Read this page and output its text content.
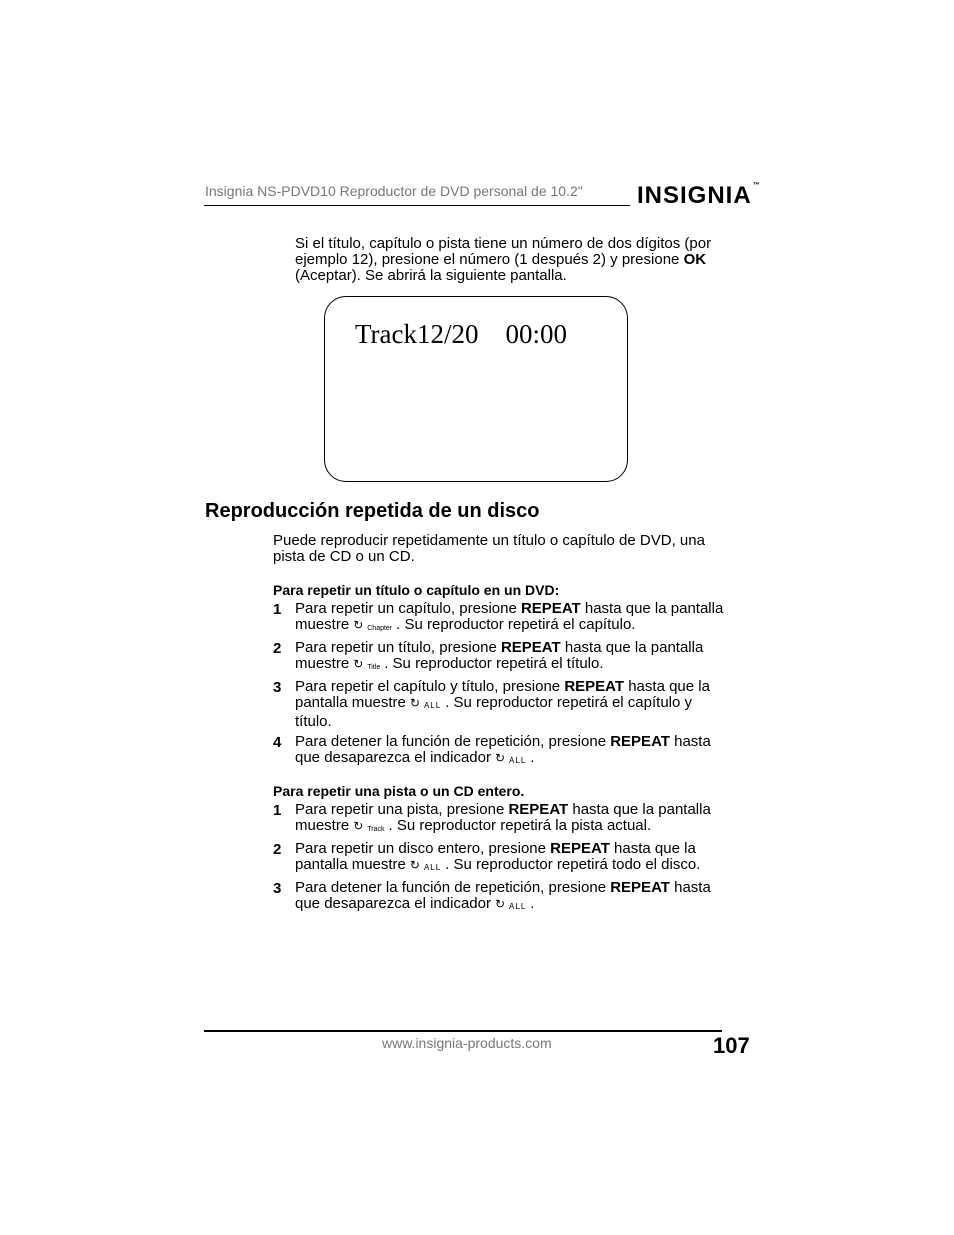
Insignia NS-PDVD10 Reproductor de DVD personal de 10.2" INSIGNIA™
Si el título, capítulo o pista tiene un número de dos dígitos (por
ejemplo 12), presione el número (1 después 2) y presione OK
(Aceptar). Se abrirá la siguiente pantalla.
Track12/20    00:00
Reproducción repetida de un disco
Puede reproducir repetidamente un título o capítulo de DVD, una
pista de CD o un CD.
Para repetir un título o capítulo en un DVD:
1 Para repetir un capítulo, presione REPEAT hasta que la pantalla
muestre ↻ Chapter . Su reproductor repetirá el capítulo.
2 Para repetir un título, presione REPEAT hasta que la pantalla
muestre ↻ Title . Su reproductor repetirá el título.
3 Para repetir el capítulo y título, presione REPEAT hasta que la
pantalla muestre ↻ ALL . Su reproductor repetirá el capítulo y
título.
4 Para detener la función de repetición, presione REPEAT hasta
que desaparezca el indicador ↻ ALL .
Para repetir una pista o un CD entero.
1 Para repetir una pista, presione REPEAT hasta que la pantalla
muestre ↻ Track . Su reproductor repetirá la pista actual.
2 Para repetir un disco entero, presione REPEAT hasta que la
pantalla muestre ↻ ALL . Su reproductor repetirá todo el disco.
3 Para detener la función de repetición, presione REPEAT hasta
que desaparezca el indicador ↻ ALL .
www.insignia-products.com	107
